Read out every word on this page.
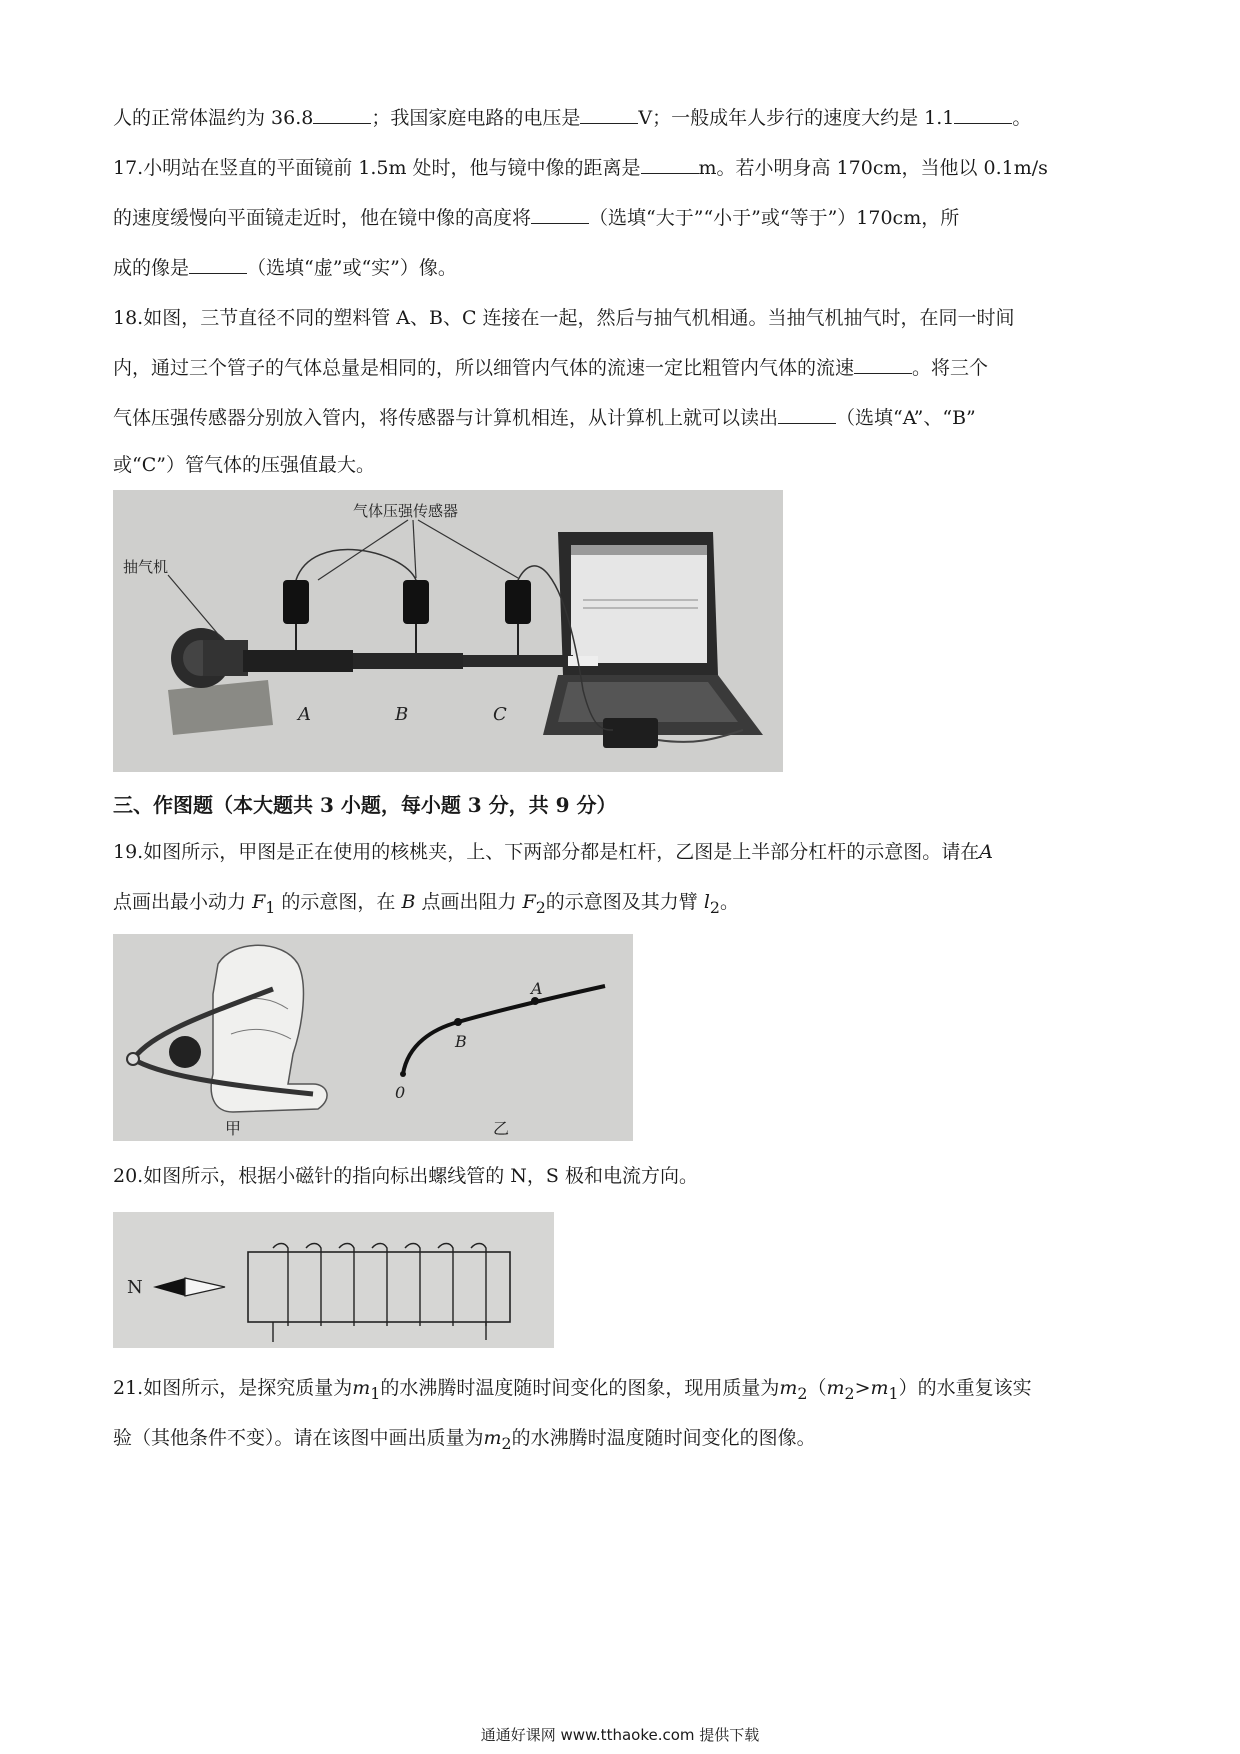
人的正常体温约为 36.8	；我国家庭电路的电压是	V；一般成年人步行的速度大约是 1.1	。
17.小明站在竖直的平面镜前 1.5m 处时，他与镜中像的距离是	m。若小明身高 170cm，当他以 0.1m/s
的速度缓慢向平面镜走近时，他在镜中像的高度将	（选填“大于”“小于”或“等于”）170cm，所
成的像是	（选填“虚”或“实”）像。
18.如图，三节直径不同的塑料管 A、B、C 连接在一起，然后与抽气机相通。当抽气机抽气时，在同一时间
内，通过三个管子的气体总量是相同的，所以细管内气体的流速一定比粗管内气体的流速	。将三个
气体压强传感器分别放入管内，将传感器与计算机相连，从计算机上就可以读出	（选填“A”、“B”
或“C”）管气体的压强值最大。
气体压强传感器
抽气机
A	B	C
三、作图题（本大题共 3 小题，每小题 3 分，共 9 分）
19.如图所示，甲图是正在使用的核桃夹，上、下两部分都是杠杆，乙图是上半部分杠杆的示意图。请在A
点画出最小动力 $F_1$ 的示意图，在 B 点画出阻力 $F_2$的示意图及其力臂 $l_2$。
A
B
0
甲	乙
20.如图所示，根据小磁针的指向标出螺线管的 N，S 极和电流方向。
N
21.如图所示，是探究质量为$m_1$的水沸腾时温度随时间变化的图象，现用质量为$m_2(m_2>m_1)$的水重复该实
验（其他条件不变）。请在该图中画出质量为$m_2$的水沸腾时温度随时间变化的图像。
通通好课网 www.tthaoke.com 提供下载
